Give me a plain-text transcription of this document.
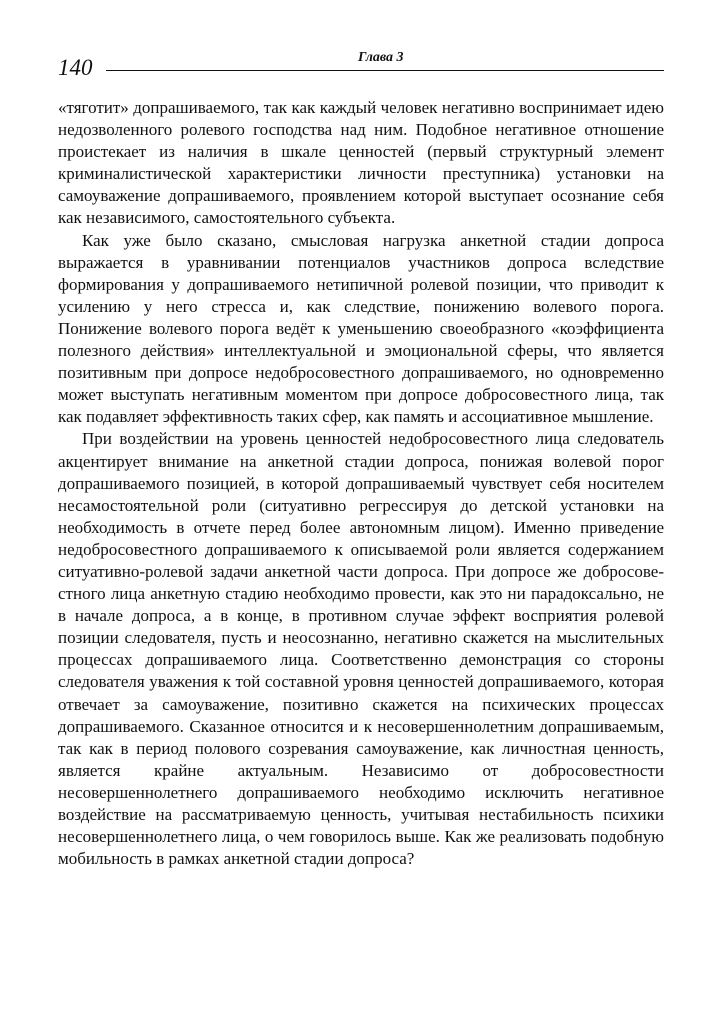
140	Глава 3

«тяготит» допрашиваемого, так как каждый человек негативно воспринимает идею недозволенного ролевого господства над ним. Подобное негативное отношение проистекает из наличия в шкале ценностей (первый структурный элемент криминалистической характеристики личности преступника) установки на самоуважение допрашиваемого, проявлением которой выступает осознание себя как независимого, самостоятельного субъекта.

Как уже было сказано, смысловая нагрузка анкетной стадии допроса выражается в уравнивании потенциалов участников допроса вследствие формирования у допрашиваемого нетипичной ролевой позиции, что приводит к усилению у него стресса и, как следствие, понижению волевого порога. Понижение волевого порога ведёт к уменьшению своеобразного «коэффициента полезного действия» интеллектуальной и эмоциональной сферы, что является позитивным при допросе недобросовестного допрашиваемого, но одновременно может выступать негативным моментом при допросе добросовестного лица, так как подавляет эффективность таких сфер, как память и ассоциативное мышление.

При воздействии на уровень ценностей недобросовестного лица следователь акцентирует внимание на анкетной стадии допроса, понижая волевой порог допрашиваемого позицией, в которой допрашиваемый чувствует себя носителем несамостоятельной роли (ситуативно регрессируя до детской установки на необходимость в отчете перед более автономным лицом). Именно приведение недобросовестного допрашиваемого к описываемой роли является содержанием ситуативно-ролевой задачи анкетной части допроса. При допросе же добросовестного лица анкетную стадию необходимо провести, как это ни парадоксально, не в начале допроса, а в конце, в противном случае эффект восприятия ролевой позиции следователя, пусть и неосознанно, негативно скажется на мыслительных процессах допрашиваемого лица. Соответственно демонстрация со стороны следователя уважения к той составной уровня ценностей допрашиваемого, которая отвечает за самоуважение, позитивно скажется на психических процессах допрашиваемого. Сказанное относится и к несовершеннолетним допрашиваемым, так как в период полового созревания самоуважение, как личностная ценность, является крайне актуальным. Независимо от добросовестности несовершеннолетнего допрашиваемого необходимо исключить негативное воздействие на рассматриваемую ценность, учитывая нестабильность психики несовершеннолетнего лица, о чем говорилось выше. Как же реализовать подобную мобильность в рамках анкетной стадии допроса?
